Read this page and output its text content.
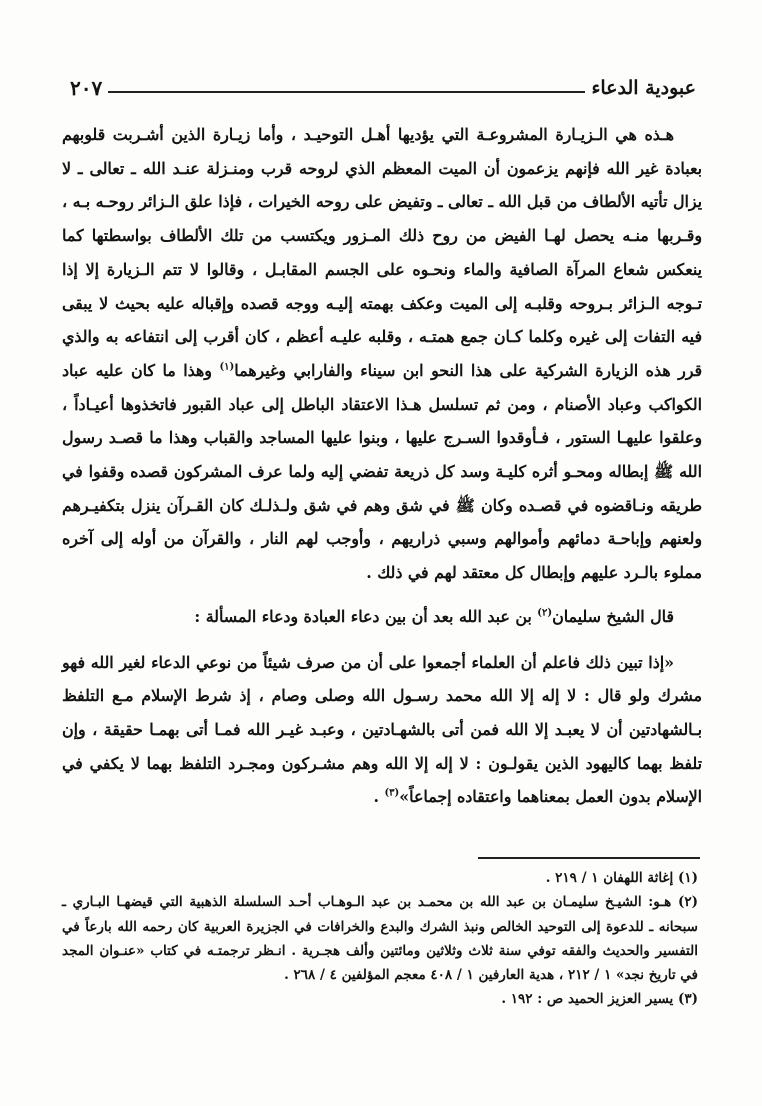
عبودية الدعاء
٢٠٧

هـذه هي الـزيـارة المشروعـة التي يؤديها أهـل التوحيـد ، وأما زيـارة الذين أشـربت قلوبهم بعبادة غير الله فإنهم يزعمون أن الميت المعظم الذي لروحه قرب ومنـزلة عنـد الله ـ تعالى ـ لا يزال تأتيه الألطاف من قبل الله ـ تعالى ـ وتفيض على روحه الخيرات ، فإذا علق الـزائر روحـه بـه ، وقـربها منـه يحصل لهـا الفيض من روح ذلك المـزور ويكتسب من تلك الألطاف بواسطتها كما ينعكس شعاع المرآة الصافية والماء ونحـوه على الجسم المقابـل ، وقالوا لا تتم الـزيارة إلا إذا تـوجه الـزائر بـروحه وقلبـه إلى الميت وعكف بهمته إليـه ووجه قصده وإقباله عليه بحيث لا يبقى فيه التفات إلى غيره وكلما كـان جمع همتـه ، وقلبه عليـه أعظم ، كان أقرب إلى انتفاعه به والذي قرر هذه الزيارة الشركية على هذا النحو ابن سيناء والفارابي وغيرهما$^{(١)}$ وهذا ما كان عليه عباد الكواكب وعباد الأصنام ، ومن ثم تسلسل هـذا الاعتقاد الباطل إلى عباد القبور فاتخذوها أعيـاداً ، وعلقوا عليهـا الستور ، فـأوقدوا السـرج عليها ، وبنوا عليها المساجد والقباب وهذا ما قصـد رسول الله ﷺ إبطاله ومحـو أثره كليـة وسد كل ذريعة تفضي إليه ولما عرف المشركون قصده وقفوا في طريقه ونـاقضوه في قصـده وكان ﷺ في شق وهم في شق ولـذلـك كان القـرآن ينزل بتكفيـرهم ولعنهم وإباحـة دمائهم وأموالهم وسبي ذراريهم ، وأوجب لهم النار ، والقرآن من أوله إلى آخره مملوء بالـرد عليهم وإبطال كل معتقد لهم في ذلك .

قال الشيخ سليمان$^{(٢)}$ بن عبد الله بعد أن بين دعاء العبادة ودعاء المسألة :

«إذا تبين ذلك فاعلم أن العلماء أجمعوا على أن من صرف شيئاً من نوعي الدعاء لغير الله فهو مشرك ولو قال : لا إله إلا الله محمد رسـول الله وصلى وصام ، إذ شرط الإسلام مـع التلفظ بـالشهادتين أن لا يعبـد إلا الله فمن أتى بالشهـادتين ، وعبـد غيـر الله فمـا أتى بهمـا حقيقة ، وإن تلفظ بهما كاليهود الذين يقولـون : لا إله إلا الله وهم مشـركون ومجـرد التلفظ بهما لا يكفي في الإسلام بدون العمل بمعناهما واعتقاده إجماعاً»$^{(٣)}$ .

(١) إغاثة اللهفان ١ / ٢١٩ .

(٢) هـو: الشيـخ سليمـان بن عبد الله بن محمـد بن عبد الـوهـاب أحـد السلسلة الذهبية التي قيضهـا البـاري ـ سبحانه ـ للدعوة إلى التوحيد الخالص ونبذ الشرك والبدع والخرافات في الجزيرة العربية كان رحمه الله بارعاً في التفسير والحديث والفقه توفي سنة ثلاث وثلاثين ومائتين وألف هجـرية . انـظر ترجمتـه في كتاب «عنـوان المجد في تاريخ نجد» ١ / ٢١٢ ، هدية العارفين ١ / ٤٠٨ معجم المؤلفين ٤ / ٢٦٨ .

(٣) يسير العزيز الحميد ص : ١٩٢ .
